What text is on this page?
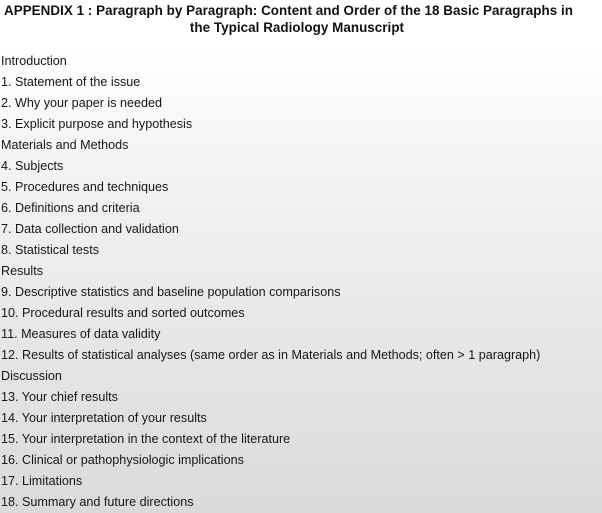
APPENDIX 1 : Paragraph by Paragraph: Content and Order of the 18 Basic Paragraphs in
the Typical Radiology Manuscript
Introduction
1. Statement of the issue
2. Why your paper is needed
3. Explicit purpose and hypothesis
Materials and Methods
4. Subjects
5. Procedures and techniques
6. Definitions and criteria
7. Data collection and validation
8. Statistical tests
Results
9. Descriptive statistics and baseline population comparisons
10. Procedural results and sorted outcomes
11. Measures of data validity
12. Results of statistical analyses (same order as in Materials and Methods; often > 1 paragraph)
Discussion
13. Your chief results
14. Your interpretation of your results
15. Your interpretation in the context of the literature
16. Clinical or pathophysiologic implications
17. Limitations
18. Summary and future directions
